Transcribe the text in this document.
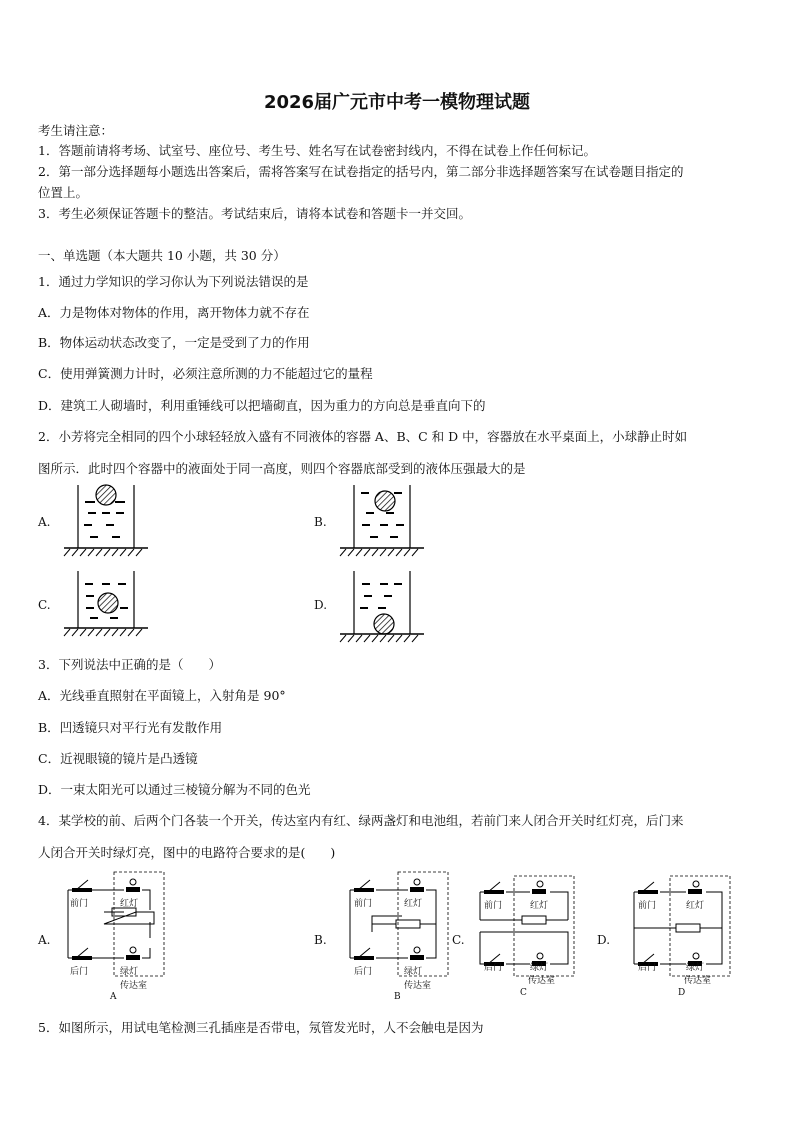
2026届广元市中考一模物理试题
考生请注意：
1．答题前请将考场、试室号、座位号、考生号、姓名写在试卷密封线内，不得在试卷上作任何标记。
2．第一部分选择题每小题选出答案后，需将答案写在试卷指定的括号内，第二部分非选择题答案写在试卷题目指定的
位置上。
3．考生必须保证答题卡的整洁。考试结束后，请将本试卷和答题卡一并交回。
一、单选题（本大题共 10 小题，共 30 分）
1．通过力学知识的学习你认为下列说法错误的是
A．力是物体对物体的作用，离开物体力就不存在
B．物体运动状态改变了，一定是受到了力的作用
C．使用弹簧测力计时，必须注意所测的力不能超过它的量程
D．建筑工人砌墙时，利用重锤线可以把墙砌直，因为重力的方向总是垂直向下的
2．小芳将完全相同的四个小球轻轻放入盛有不同液体的容器 A、B、C 和 D 中，容器放在水平桌面上，小球静止时如
图所示．此时四个容器中的液面处于同一高度，则四个容器底部受到的液体压强最大的是
A.	B.
C.	D.
3．下列说法中正确的是（　　）
A．光线垂直照射在平面镜上，入射角是 90°
B．凹透镜只对平行光有发散作用
C．近视眼镜的镜片是凸透镜
D．一束太阳光可以通过三棱镜分解为不同的色光
4．某学校的前、后两个门各装一个开关，传达室内有红、绿两盏灯和电池组，若前门来人闭合开关时红灯亮，后门来
人闭合开关时绿灯亮，图中的电路符合要求的是(　　)
A.
前门	红灯
后门	绿灯
传达室
A
B.
前门	红灯
后门	绿灯
传达室
B
C.
前门	红灯
后门	绿灯
传达室
C
D.
前门	红灯
后门	绿灯
传达室
D
5．如图所示，用试电笔检测三孔插座是否带电，氖管发光时，人不会触电是因为
